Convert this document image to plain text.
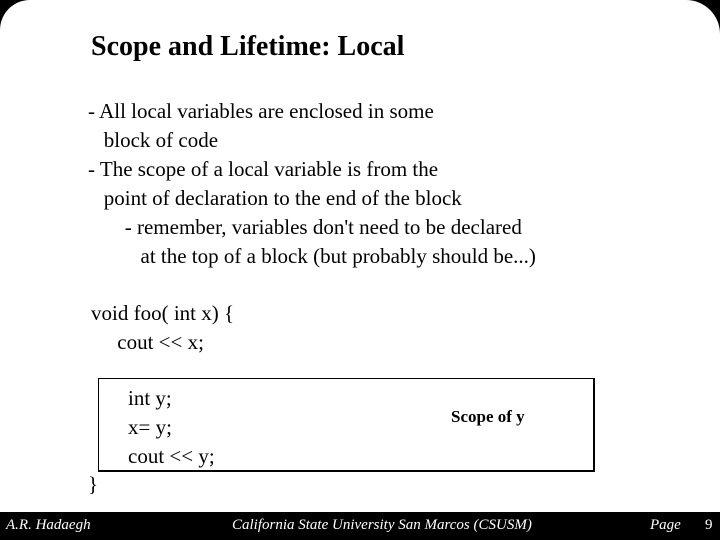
Scope and Lifetime: Local
- All local variables are enclosed in some
block of code
- The scope of a local variable is from the
point of declaration to the end of the block
- remember, variables don't need to be declared
at the top of a block (but probably should be...)
void foo( int x) {
cout << x;
int y;
x= y;
cout << y;
Scope of y
}
A.R. Hadaegh	California State University San Marcos (CSUSM)	Page 9
